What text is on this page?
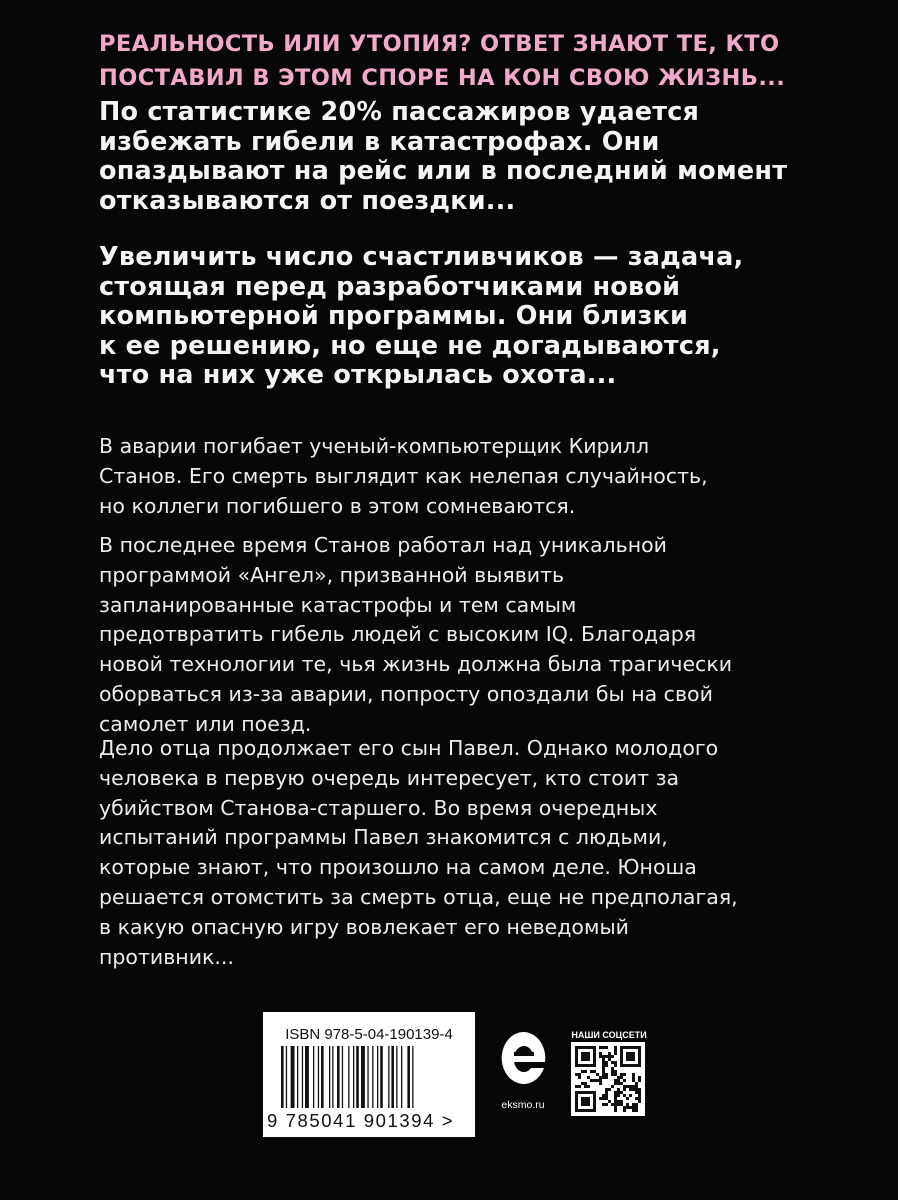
РЕАЛЬНОСТЬ ИЛИ УТОПИЯ? ОТВЕТ ЗНАЮТ ТЕ, КТО
ПОСТАВИЛ В ЭТОМ СПОРЕ НА КОН СВОЮ ЖИЗНЬ...

По статистике 20% пассажиров удается
избежать гибели в катастрофах. Они
опаздывают на рейс или в последний момент
отказываются от поездки...

Увеличить число счастливчиков — задача,
стоящая перед разработчиками новой
компьютерной программы. Они близки
к ее решению, но еще не догадываются,
что на них уже открылась охота...

В аварии погибает ученый-компьютерщик Кирилл
Станов. Его смерть выглядит как нелепая случайность,
но коллеги погибшего в этом сомневаются.

В последнее время Станов работал над уникальной
программой «Ангел», призванной выявить
запланированные катастрофы и тем самым
предотвратить гибель людей с высоким IQ. Благодаря
новой технологии те, чья жизнь должна была трагически
оборваться из-за аварии, попросту опоздали бы на свой
самолет или поезд.

Дело отца продолжает его сын Павел. Однако молодого
человека в первую очередь интересует, кто стоит за
убийством Станова-старшего. Во время очередных
испытаний программы Павел знакомится с людьми,
которые знают, что произошло на самом деле. Юноша
решается отомстить за смерть отца, еще не предполагая,
в какую опасную игру вовлекает его неведомый
противник...

ISBN 978-5-04-190139-4
9 785041 901394 >
eksmo.ru
НАШИ СОЦСЕТИ
